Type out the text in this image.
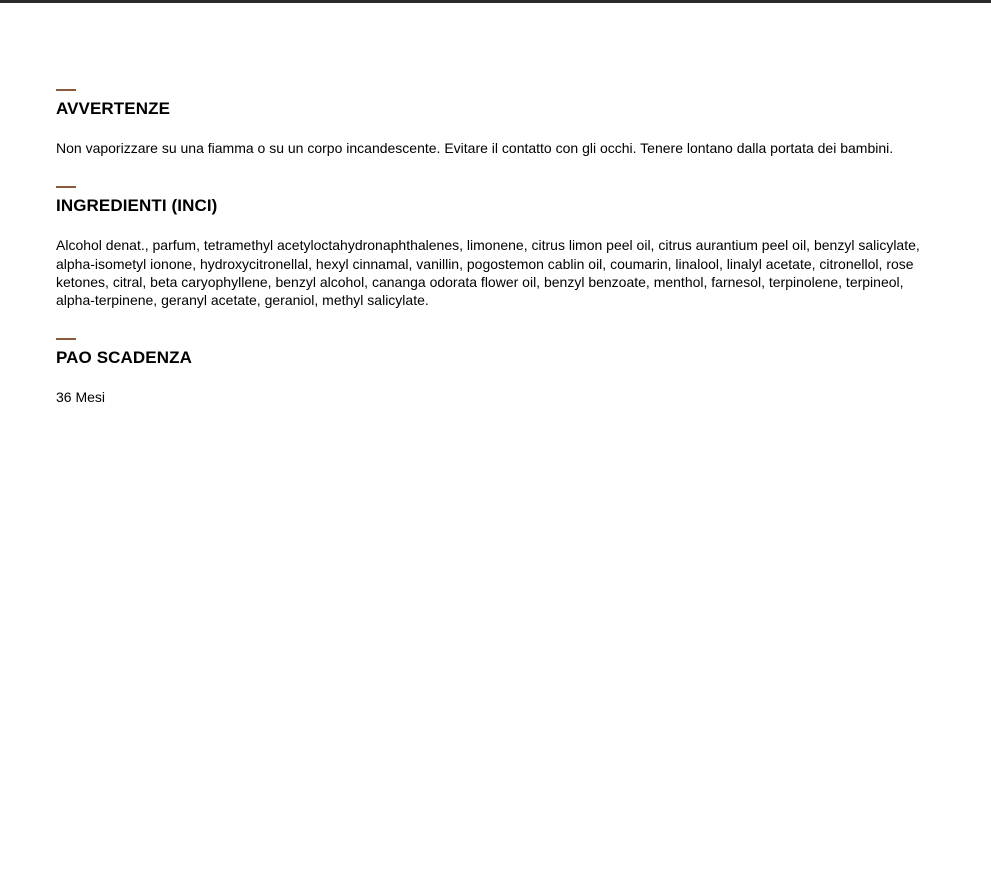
AVVERTENZE

Non vaporizzare su una fiamma o su un corpo incandescente. Evitare il contatto con gli occhi. Tenere lontano dalla portata dei bambini.

INGREDIENTI (INCI)

Alcohol denat., parfum, tetramethyl acetyloctahydronaphthalenes, limonene, citrus limon peel oil, citrus aurantium peel oil, benzyl salicylate, alpha-isometyl ionone, hydroxycitronellal, hexyl cinnamal, vanillin, pogostemon cablin oil, coumarin, linalool, linalyl acetate, citronellol, rose ketones, citral, beta caryophyllene, benzyl alcohol, cananga odorata flower oil, benzyl benzoate, menthol, farnesol, terpinolene, terpineol, alpha-terpinene, geranyl acetate, geraniol, methyl salicylate.

PAO SCADENZA

36 Mesi
